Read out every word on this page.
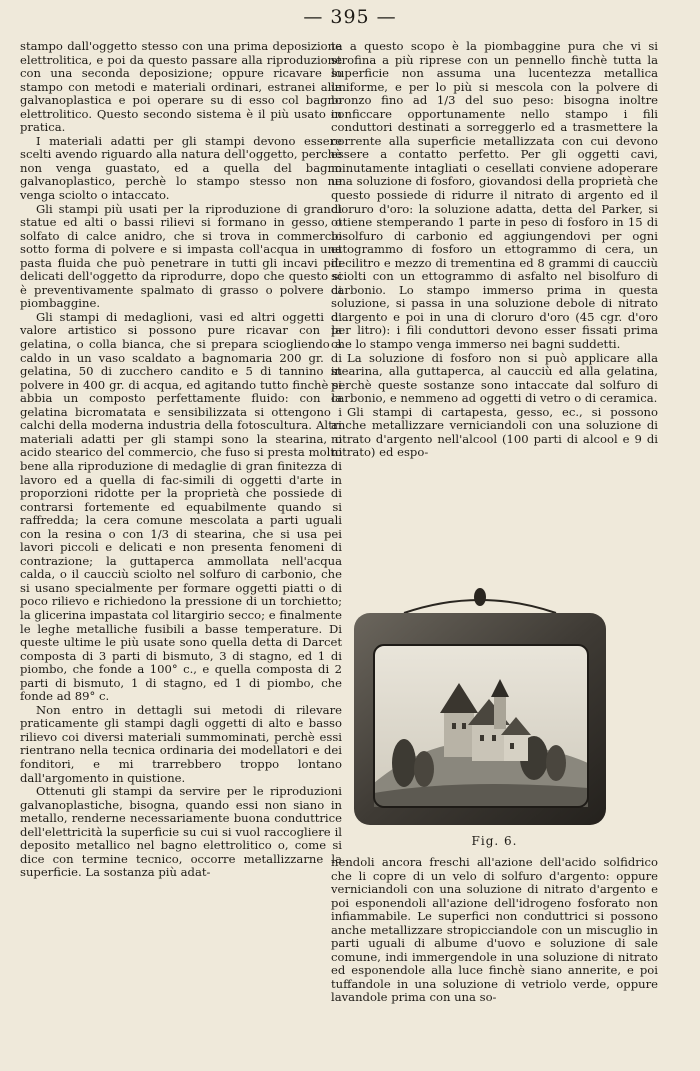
— 395 —

stampo dall'oggetto stesso con una prima deposizione elettrolitica, e poi da questo passare alla riproduzione con una seconda deposizione; oppure ricavare lo stampo con metodi e materiali ordinari, estranei alla galvanoplastica e poi operare su di esso col bagno elettrolitico. Questo secondo sistema è il più usato in pratica.

I materiali adatti per gli stampi devono essere scelti avendo riguardo alla natura dell'oggetto, perchè non venga guastato, ed a quella del bagno galvanoplastico, perchè lo stampo stesso non ne venga sciolto o intaccato.

Gli stampi più usati per la riproduzione di grandi statue ed alti o bassi rilievi si formano in gesso, o solfato di calce anidro, che si trova in commercio sotto forma di polvere e si impasta coll'acqua in una pasta fluida che può penetrare in tutti gli incavi più delicati dell'oggetto da riprodurre, dopo che questo si è preventivamente spalmato di grasso o polvere di piombaggine.

Gli stampi di medaglioni, vasi ed altri oggetti di valore artistico si possono pure ricavar con la gelatina, o colla bianca, che si prepara sciogliendo a caldo in un vaso scaldato a bagnomaria 200 gr. di gelatina, 50 di zucchero candito e 5 di tannino in polvere in 400 gr. di acqua, ed agitando tutto finchè si abbia un composto perfettamente fluido: con la gelatina bicromatata e sensibilizzata si ottengono i calchi della moderna industria della fotoscultura. Altri materiali adatti per gli stampi sono la stearina, o acido stearico del commercio, che fuso si presta molto bene alla riproduzione di medaglie di gran finitezza di lavoro ed a quella di fac-simili di oggetti d'arte in proporzioni ridotte per la proprietà che possiede di contrarsi fortemente ed equabilmente quando si raffredda; la cera comune mescolata a parti uguali con la resina o con 1/3 di stearina, che si usa pei lavori piccoli e delicati e non presenta fenomeni di contrazione; la guttaperca ammollata nell'acqua calda, o il caucciù sciolto nel solfuro di carbonio, che si usano specialmente per formare oggetti piatti o di poco rilievo e richiedono la pressione di un torchietto; la glicerina impastata col litargirio secco; e finalmente le leghe metalliche fusibili a basse temperature. Di queste ultime le più usate sono quella detta di Darcet composta di 3 parti di bismuto, 3 di stagno, ed 1 di piombo, che fonde a 100° c., e quella composta di 2 parti di bismuto, 1 di stagno, ed 1 di piombo, che fonde ad 89° c.

Non entro in dettagli sui metodi di rilevare praticamente gli stampi dagli oggetti di alto e basso rilievo coi diversi materiali summominati, perchè essi rientrano nella tecnica ordinaria dei modellatori e dei fonditori, e mi trarrebbero troppo lontano dall'argomento in quistione.

Ottenuti gli stampi da servire per le riproduzioni galvanoplastiche, bisogna, quando essi non siano in metallo, renderne necessariamente buona conduttrice dell'elettricità la superficie su cui si vuol raccogliere il deposito metallico nel bagno elettrolitico o, come si dice con termine tecnico, occorre metallizzarne la superficie. La sostanza più adat-

ta a questo scopo è la piombaggine pura che vi si strofina a più riprese con un pennello finchè tutta la superficie non assuma una lucentezza metallica uniforme, e per lo più si mescola con la polvere di bronzo fino ad 1/3 del suo peso: bisogna inoltre conficcare opportunamente nello stampo i fili conduttori destinati a sorreggerlo ed a trasmettere la corrente alla superficie metallizzata con cui devono essere a contatto perfetto. Per gli oggetti cavi, minutamente intagliati o cesellati conviene adoperare una soluzione di fosforo, giovandosi della proprietà che questo possiede di ridurre il nitrato di argento ed il cloruro d'oro: la soluzione adatta, detta del Parker, si ottiene stemperando 1 parte in peso di fosforo in 15 di bisolfuro di carbonio ed aggiungendovi per ogni ettogrammo di fosforo un ettogrammo di cera, un decilitro e mezzo di trementina ed 8 grammi di caucciù sciolti con un ettogrammo di asfalto nel bisolfuro di carbonio. Lo stampo immerso prima in questa soluzione, si passa in una soluzione debole di nitrato d'argento e poi in una di cloruro d'oro (45 cgr. d'oro per litro): i fili conduttori devono esser fissati prima che lo stampo venga immerso nei bagni suddetti.

La soluzione di fosforo non si può applicare alla stearina, alla guttaperca, al caucciù ed alla gelatina, perchè queste sostanze sono intaccate dal solfuro di carbonio, e nemmeno ad oggetti di vetro o di ceramica.

Gli stampi di cartapesta, gesso, ec., si possono anche metallizzare verniciandoli con una soluzione di nitrato d'argento nell'alcool (100 parti di alcool e 9 di nitrato) ed espo-

Fig. 6.

nendoli ancora freschi all'azione dell'acido solfidrico che li copre di un velo di solfuro d'argento: oppure verniciandoli con una soluzione di nitrato d'argento e poi esponendoli all'azione dell'idrogeno fosforato non infiammabile. Le superfici non conduttrici si possono anche metallizzare stropicciandole con un miscuglio in parti uguali di albume d'uovo e soluzione di sale comune, indi immergendole in una soluzione di nitrato ed esponendole alla luce finchè siano annerite, e poi tuffandole in una soluzione di vetriolo verde, oppure lavandole prima con una so-
